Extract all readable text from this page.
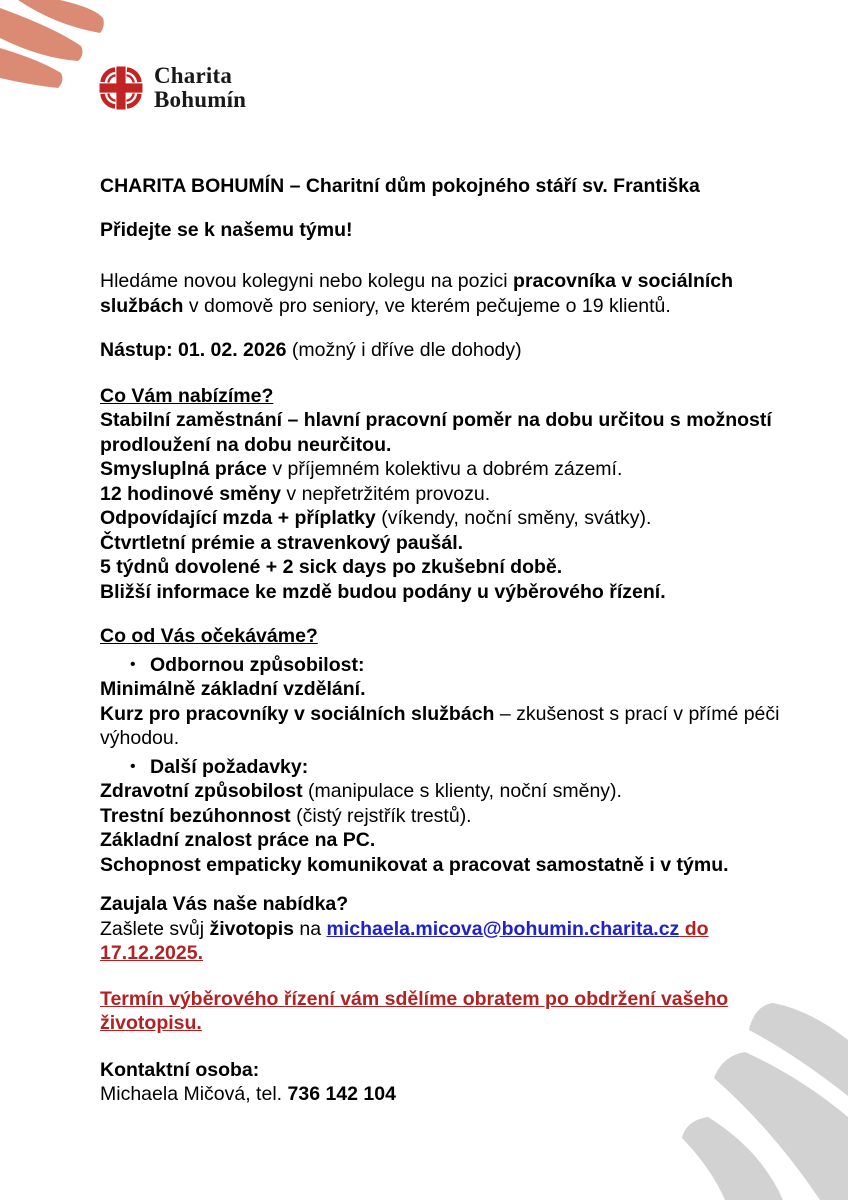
Charita
Bohumín

CHARITA BOHUMÍN – Charitní dům pokojného stáří sv. Františka

Přidejte se k našemu týmu!

Hledáme novou kolegyni nebo kolegu na pozici pracovníka v sociálních

službách v domově pro seniory, ve kterém pečujeme o 19 klientů.

Nástup: 01. 02. 2026 (možný i dříve dle dohody)

Co Vám nabízíme?

Stabilní zaměstnání – hlavní pracovní poměr na dobu určitou s možností

prodloužení na dobu neurčitou.

Smysluplná práce v příjemném kolektivu a dobrém zázemí.

12 hodinové směny v nepřetržitém provozu.

Odpovídající mzda + příplatky (víkendy, noční směny, svátky).

Čtvrtletní prémie a stravenkový paušál.

5 týdnů dovolené + 2 sick days po zkušební době.

Bližší informace ke mzdě budou podány u výběrového řízení.

Co od Vás očekáváme?

• Odbornou způsobilost:

Minimálně základní vzdělání.

Kurz pro pracovníky v sociálních službách – zkušenost s prací v přímé péči

výhodou.

• Další požadavky:

Zdravotní způsobilost (manipulace s klienty, noční směny).

Trestní bezúhonnost (čistý rejstřík trestů).

Základní znalost práce na PC.

Schopnost empaticky komunikovat a pracovat samostatně i v týmu.

Zaujala Vás naše nabídka?

Zašlete svůj životopis na michaela.micova@bohumin.charita.cz do 17.12.2025.

Termín výběrového řízení vám sdělíme obratem po obdržení vašeho životopisu.

Kontaktní osoba:

Michaela Mičová, tel. 736 142 104
